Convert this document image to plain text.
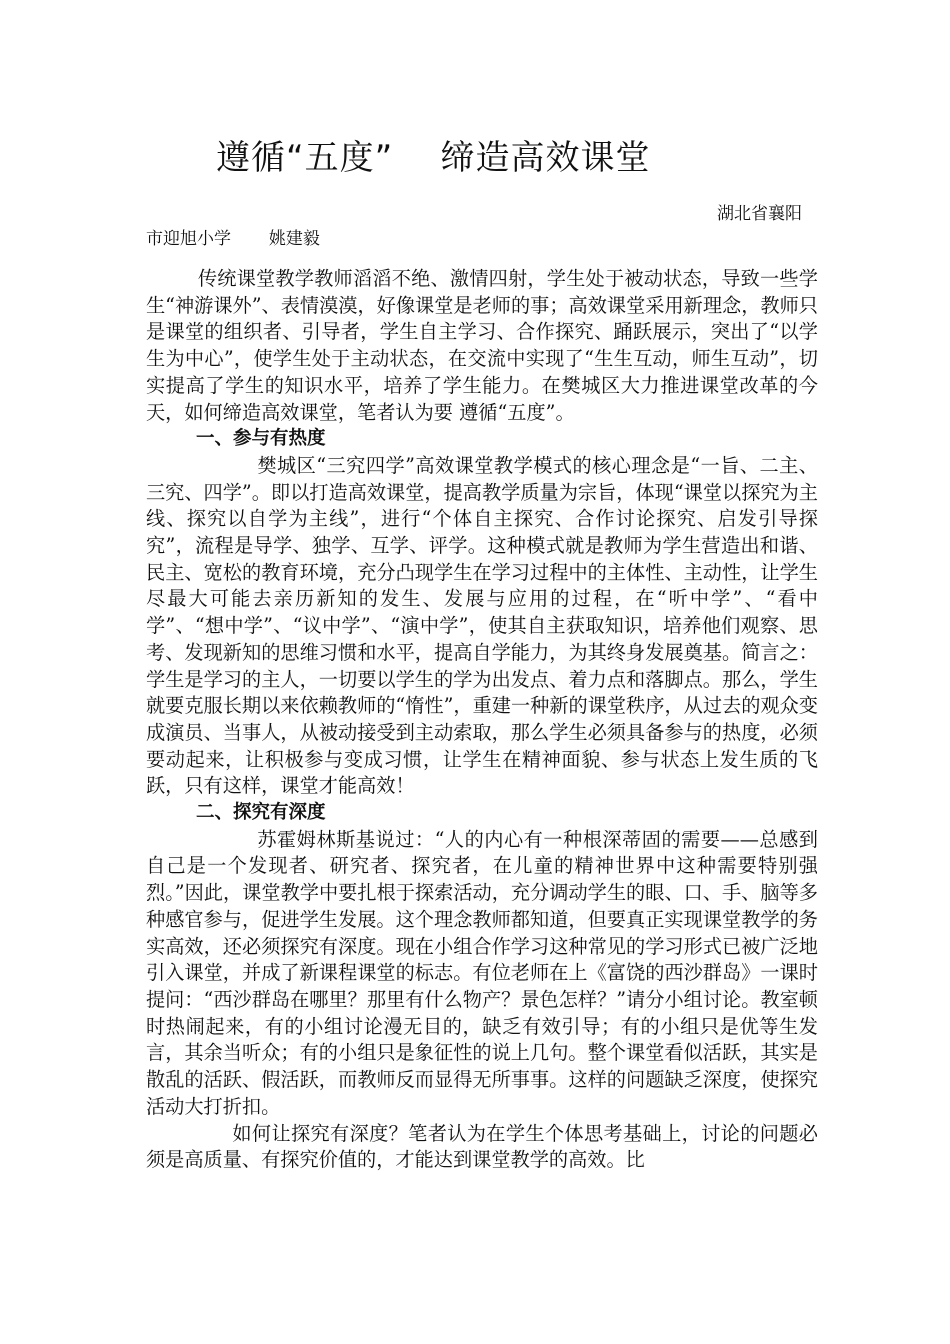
遵循“五度”    缔造高效课堂

湖北省襄阳

市迎旭小学       姚建毅

传统课堂教学教师滔滔不绝、激情四射，学生处于被动状态，导致一些学生“神游课外”、表情漠漠，好像课堂是老师的事；高效课堂采用新理念，教师只是课堂的组织者、引导者，学生自主学习、合作探究、踊跃展示，突出了“以学生为中心”，使学生处于主动状态，在交流中实现了“生生互动，师生互动”，切实提高了学生的知识水平，培养了学生能力。在樊城区大力推进课堂改革的今天，如何缔造高效课堂，笔者认为要 遵循“五度”。

一、参与有热度

樊城区“三究四学”高效课堂教学模式的核心理念是“一旨、二主、三究、四学”。即以打造高效课堂，提高教学质量为宗旨，体现“课堂以探究为主线、探究以自学为主线”，进行“个体自主探究、合作讨论探究、启发引导探究”，流程是导学、独学、互学、评学。这种模式就是教师为学生营造出和谐、民主、宽松的教育环境，充分凸现学生在学习过程中的主体性、主动性，让学生尽最大可能去亲历新知的发生、发展与应用的过程，在“听中学”、“看中学”、“想中学”、“议中学”、“演中学”，使其自主获取知识，培养他们观察、思考、发现新知的思维习惯和水平，提高自学能力，为其终身发展奠基。简言之：学生是学习的主人，一切要以学生的学为出发点、着力点和落脚点。那么，学生就要克服长期以来依赖教师的“惰性”，重建一种新的课堂秩序，从过去的观众变成演员、当事人，从被动接受到主动索取，那么学生必须具备参与的热度，必须要动起来，让积极参与变成习惯，让学生在精神面貌、参与状态上发生质的飞跃，只有这样，课堂才能高效！

二、探究有深度

苏霍姆林斯基说过：“人的内心有一种根深蒂固的需要——总感到自己是一个发现者、研究者、探究者，在儿童的精神世界中这种需要特别强烈。”因此，课堂教学中要扎根于探索活动，充分调动学生的眼、口、手、脑等多种感官参与，促进学生发展。这个理念教师都知道，但要真正实现课堂教学的务实高效，还必须探究有深度。现在小组合作学习这种常见的学习形式已被广泛地引入课堂，并成了新课程课堂的标志。有位老师在上《富饶的西沙群岛》一课时提问：“西沙群岛在哪里？那里有什么物产？景色怎样？”请分小组讨论。教室顿时热闹起来，有的小组讨论漫无目的，缺乏有效引导；有的小组只是优等生发言，其余当听众；有的小组只是象征性的说上几句。整个课堂看似活跃，其实是散乱的活跃、假活跃，而教师反而显得无所事事。这样的问题缺乏深度，使探究活动大打折扣。

如何让探究有深度？笔者认为在学生个体思考基础上，讨论的问题必须是高质量、有探究价值的，才能达到课堂教学的高效。比
